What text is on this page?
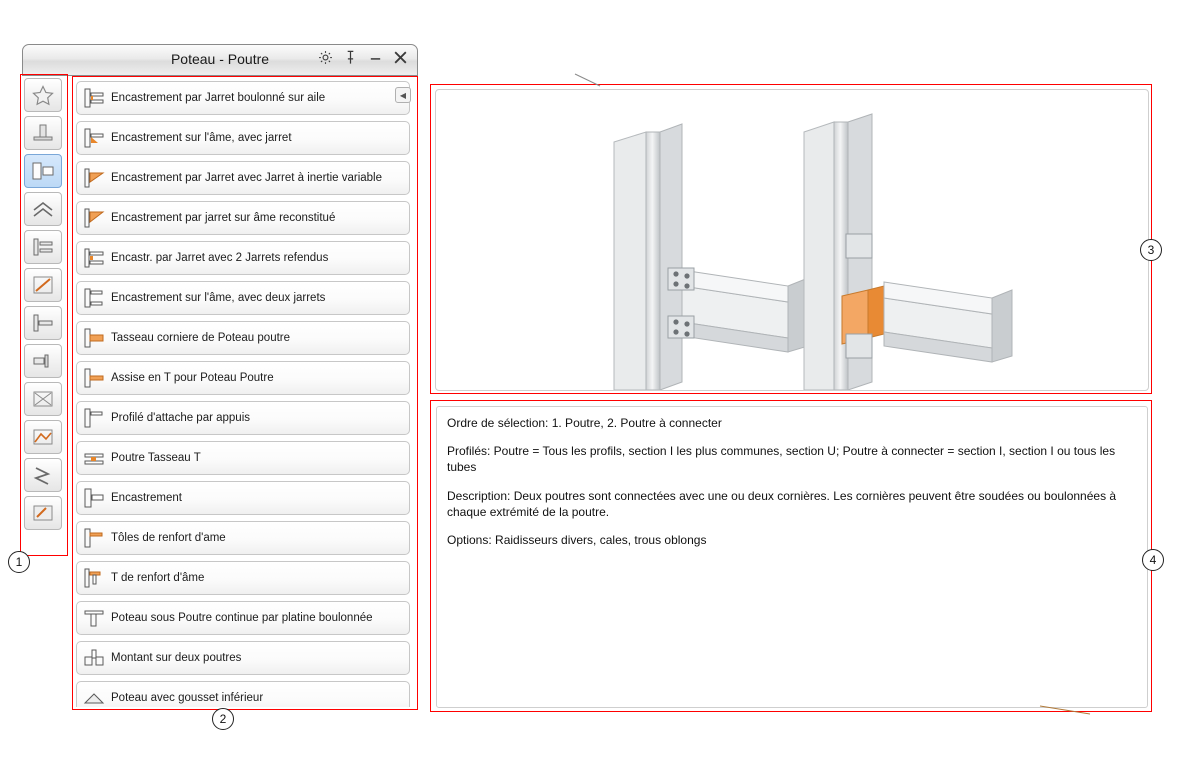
Poteau - Poutre
◀
Encastrement par Jarret boulonné sur aile
Encastrement sur l'âme, avec jarret
Encastrement par Jarret avec Jarret à inertie variable
Encastrement par jarret sur âme reconstitué
Encastr. par Jarret avec 2 Jarrets refendus
Encastrement sur l'âme, avec deux jarrets
Tasseau corniere de Poteau poutre
Assise en T pour Poteau Poutre
Profilé d'attache par appuis
Poutre Tasseau T
Encastrement
Tôles de renfort d'ame
T de renfort d'âme
Poteau sous Poutre continue par platine boulonnée
Montant sur deux poutres
Poteau avec gousset inférieur

Ordre de sélection: 1. Poutre, 2. Poutre à connecter

Profilés: Poutre = Tous les profils, section I les plus communes, section U; Poutre à connecter = section I, section I ou tous les tubes

Description: Deux poutres sont connectées avec une ou deux cornières. Les cornières peuvent être soudées ou boulonnées à chaque extrémité de la poutre.

Options: Raidisseurs divers, cales, trous oblongs

1
2
3
4
